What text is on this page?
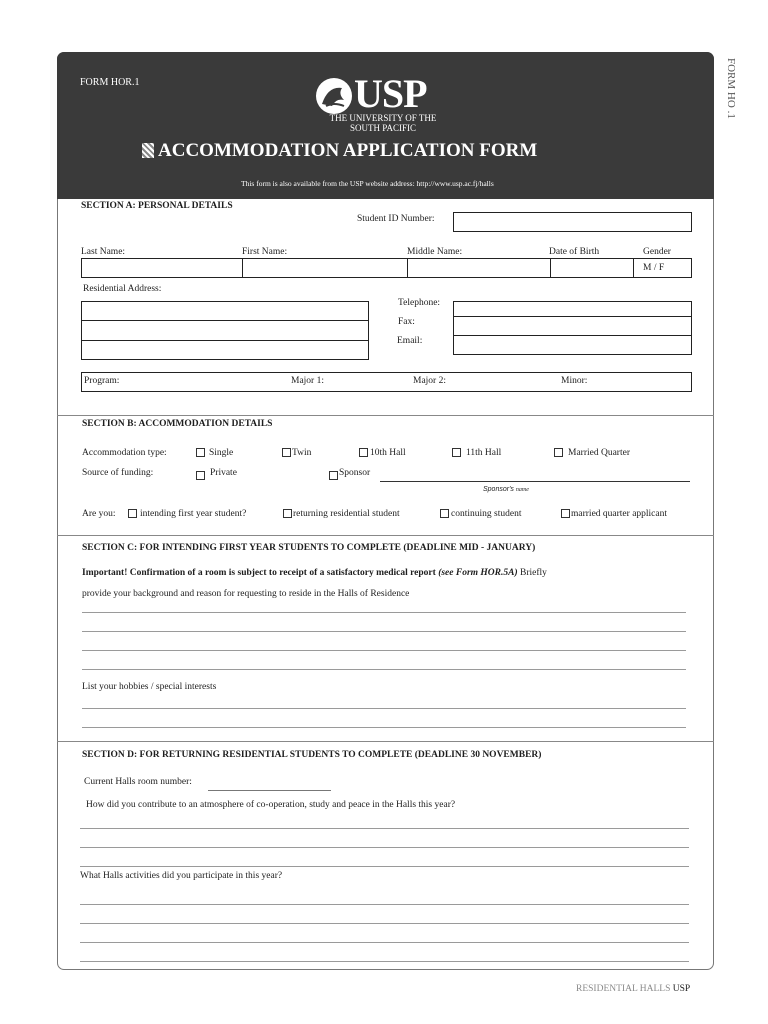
FORM HOR.1	FORM HO .1
USP
THE UNIVERSITY OF THE
SOUTH PACIFIC
ACCOMMODATION APPLICATION FORM
This form is also available from the USP website address: http://www.usp.ac.fj/halls
SECTION A: PERSONAL DETAILS
Student ID Number:
Last Name:	First Name:	Middle Name:	Date of Birth	Gender
M / F
Residential Address:
Telephone:
Fax:
Email:
Program:	Major 1:	Major 2:	Minor:
SECTION B: ACCOMMODATION DETAILS
Accommodation type:	Single	Twin	10th Hall	11th Hall	Married Quarter
Source of funding:	Private	Sponsor
Sponsor's name
Are you:	intending first year student?	returning residential student	continuing student	married quarter applicant
SECTION C: FOR INTENDING FIRST YEAR STUDENTS TO COMPLETE (DEADLINE MID - JANUARY)
Important! Confirmation of a room is subject to receipt of a satisfactory medical report (see Form HOR.5A) Briefly
provide your background and reason for requesting to reside in the Halls of Residence
List your hobbies / special interests
SECTION D: FOR RETURNING RESIDENTIAL STUDENTS TO COMPLETE (DEADLINE 30 NOVEMBER)
Current Halls room number:
How did you contribute to an atmosphere of co-operation, study and peace in the Halls this year?
What Halls activities did you participate in this year?
RESIDENTIAL HALLS USP
